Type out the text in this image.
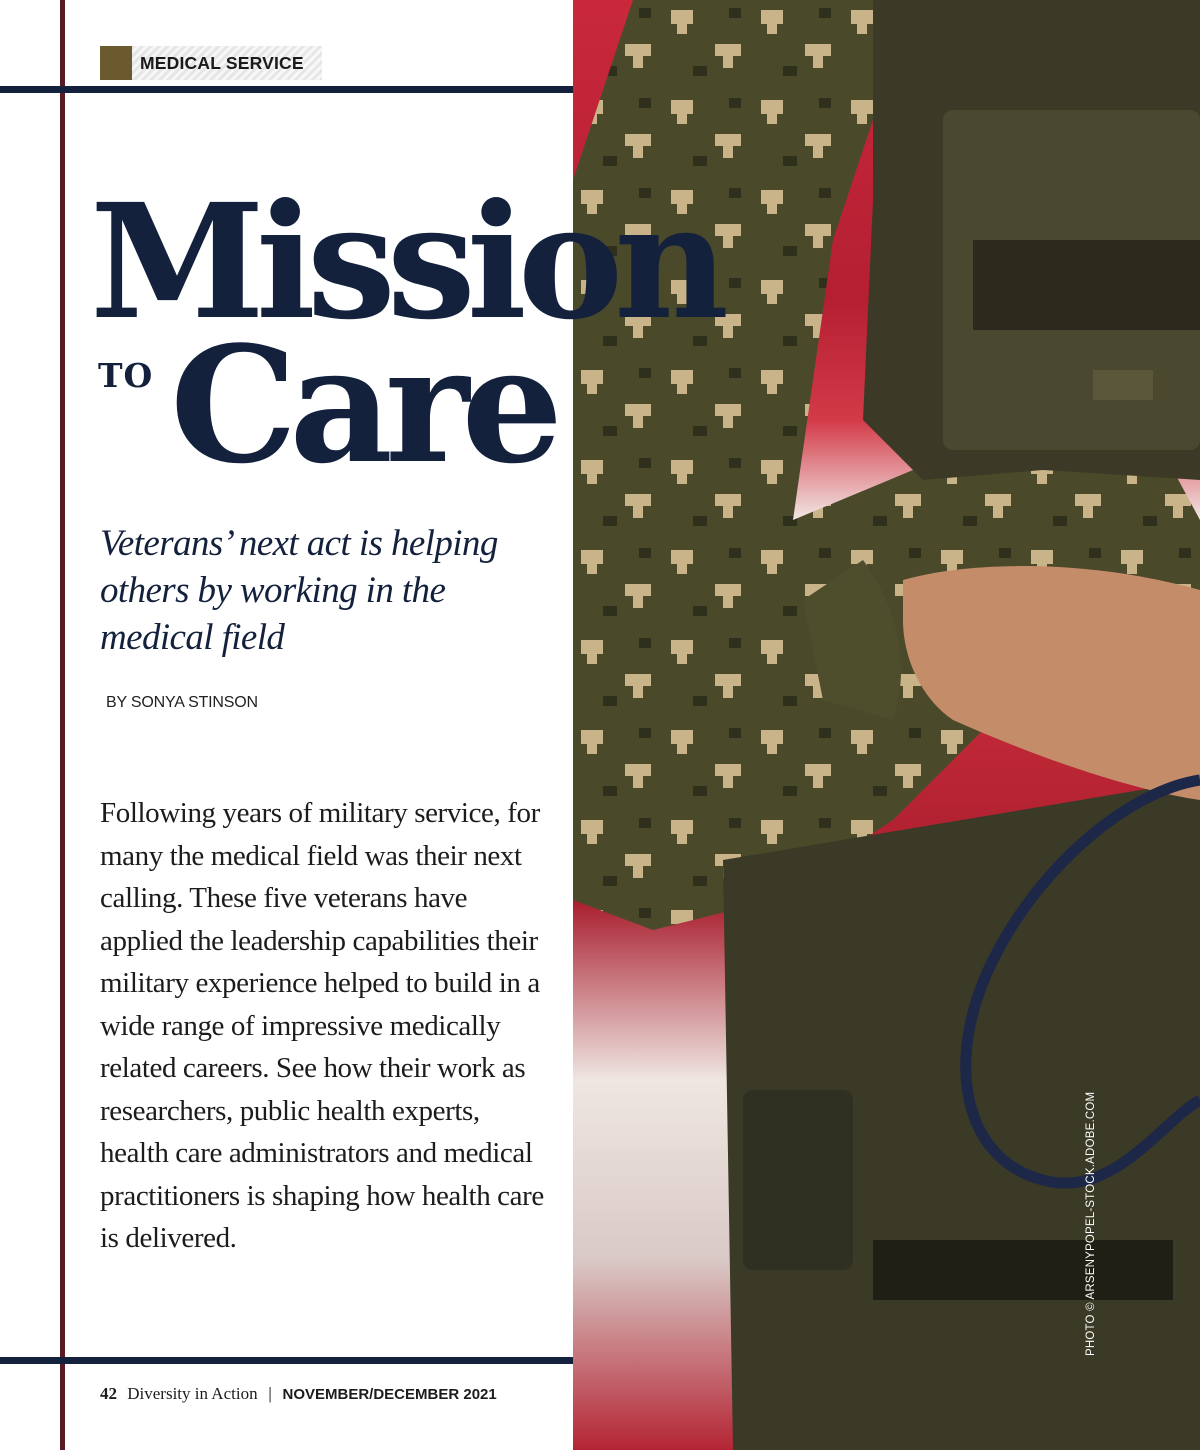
PHOTO © ARSENYPOPEL-STOCK.ADOBE.COM
MEDICAL SERVICE
Mission
TO Care

Veterans’ next act is helping others by working in the medical field

BY SONYA STINSON

Following years of military service, for many the medical field was their next calling. These five veterans have applied the leadership capabilities their military experience helped to build in a wide range of impressive medically related careers. See how their work as researchers, public health experts, health care administrators and medical practitioners is shaping how health care is delivered.

42 Diversity in Action | NOVEMBER/DECEMBER 2021
